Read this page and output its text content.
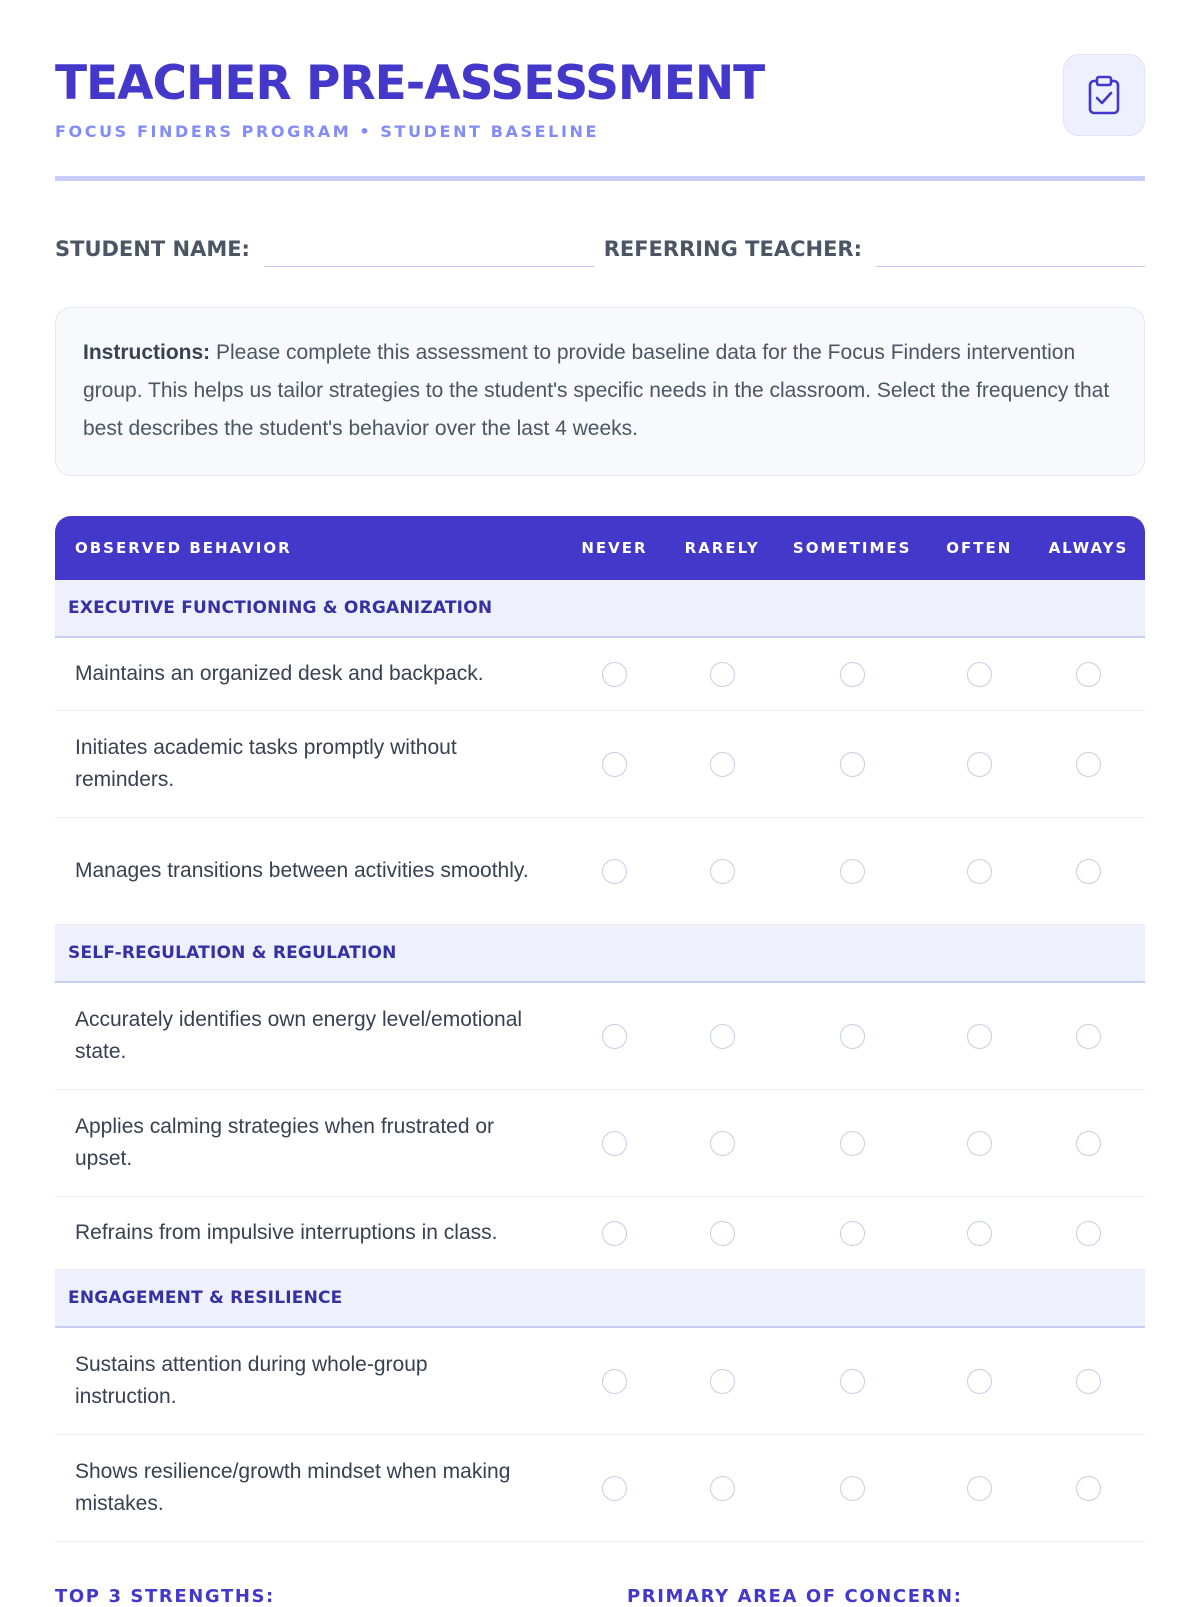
TEACHER PRE-ASSESSMENT
FOCUS FINDERS PROGRAM • STUDENT BASELINE
STUDENT NAME:	REFERRING TEACHER:
Instructions: Please complete this assessment to provide baseline data for the Focus Finders intervention group. This helps us tailor strategies to the student's specific needs in the classroom. Select the frequency that best describes the student's behavior over the last 4 weeks.
OBSERVED BEHAVIOR	NEVER	RARELY	SOMETIMES	OFTEN	ALWAYS
EXECUTIVE FUNCTIONING & ORGANIZATION
Maintains an organized desk and backpack.
Initiates academic tasks promptly without reminders.
Manages transitions between activities smoothly.
SELF-REGULATION & REGULATION
Accurately identifies own energy level/emotional state.
Applies calming strategies when frustrated or upset.
Refrains from impulsive interruptions in class.
ENGAGEMENT & RESILIENCE
Sustains attention during whole-group instruction.
Shows resilience/growth mindset when making mistakes.
TOP 3 STRENGTHS:	PRIMARY AREA OF CONCERN:
